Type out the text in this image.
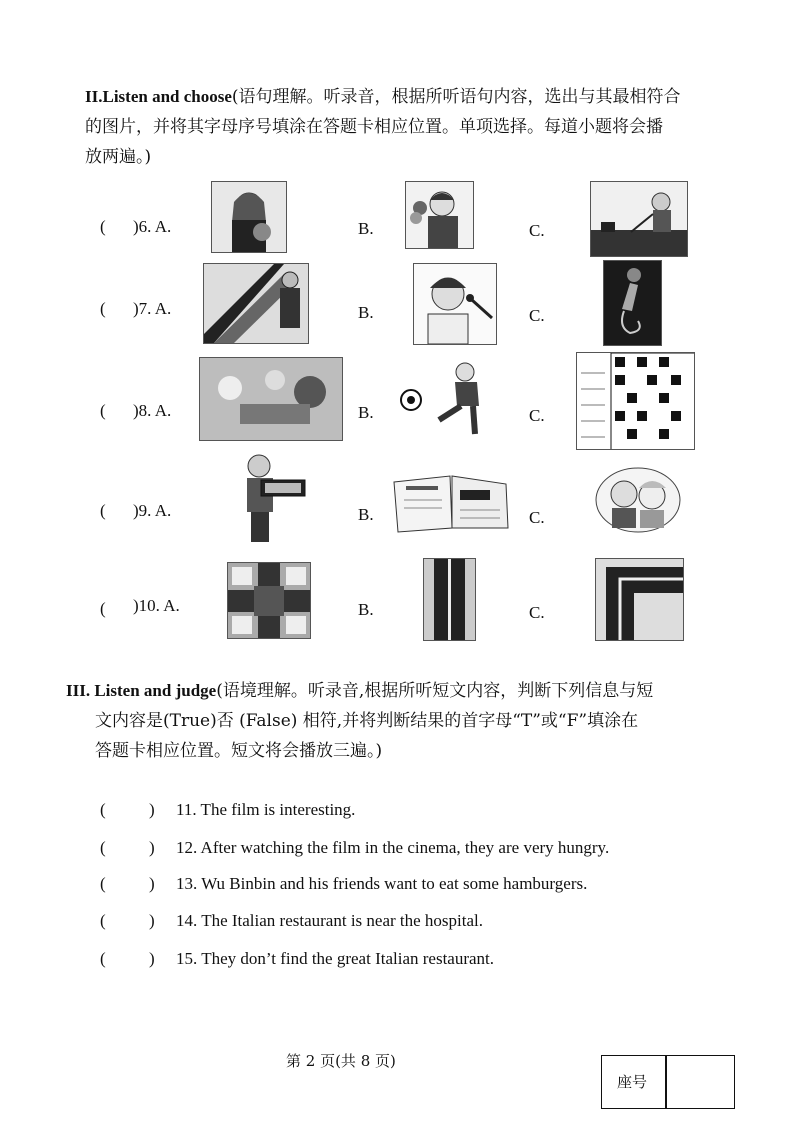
II.Listen and choose(语句理解。听录音，根据所听语句内容，选出与其最相符合
的图片，并将其字母序号填涂在答题卡相应位置。单项选择。每道小题将会播
放两遍。)
( )6. A.	B.	C.
( )7. A.	B.	C.
( )8. A.	B.	C.
( )9. A.	B.	C.
( )10. A.	B.	C.
III. Listen and judge(语境理解。听录音,根据所听短文内容，判断下列信息与短
文内容是(True)否 (False) 相符,并将判断结果的首字母“T”或“F”填涂在
答题卡相应位置。短文将会播放三遍。)
(	) 11. The film is interesting.
(	) 12. After watching the film in the cinema, they are very hungry.
(	) 13. Wu Binbin and his friends want to eat some hamburgers.
(	) 14. The Italian restaurant is near the hospital.
(	) 15. They don’t find the great Italian restaurant.
第 2 页(共 8 页)
座号
